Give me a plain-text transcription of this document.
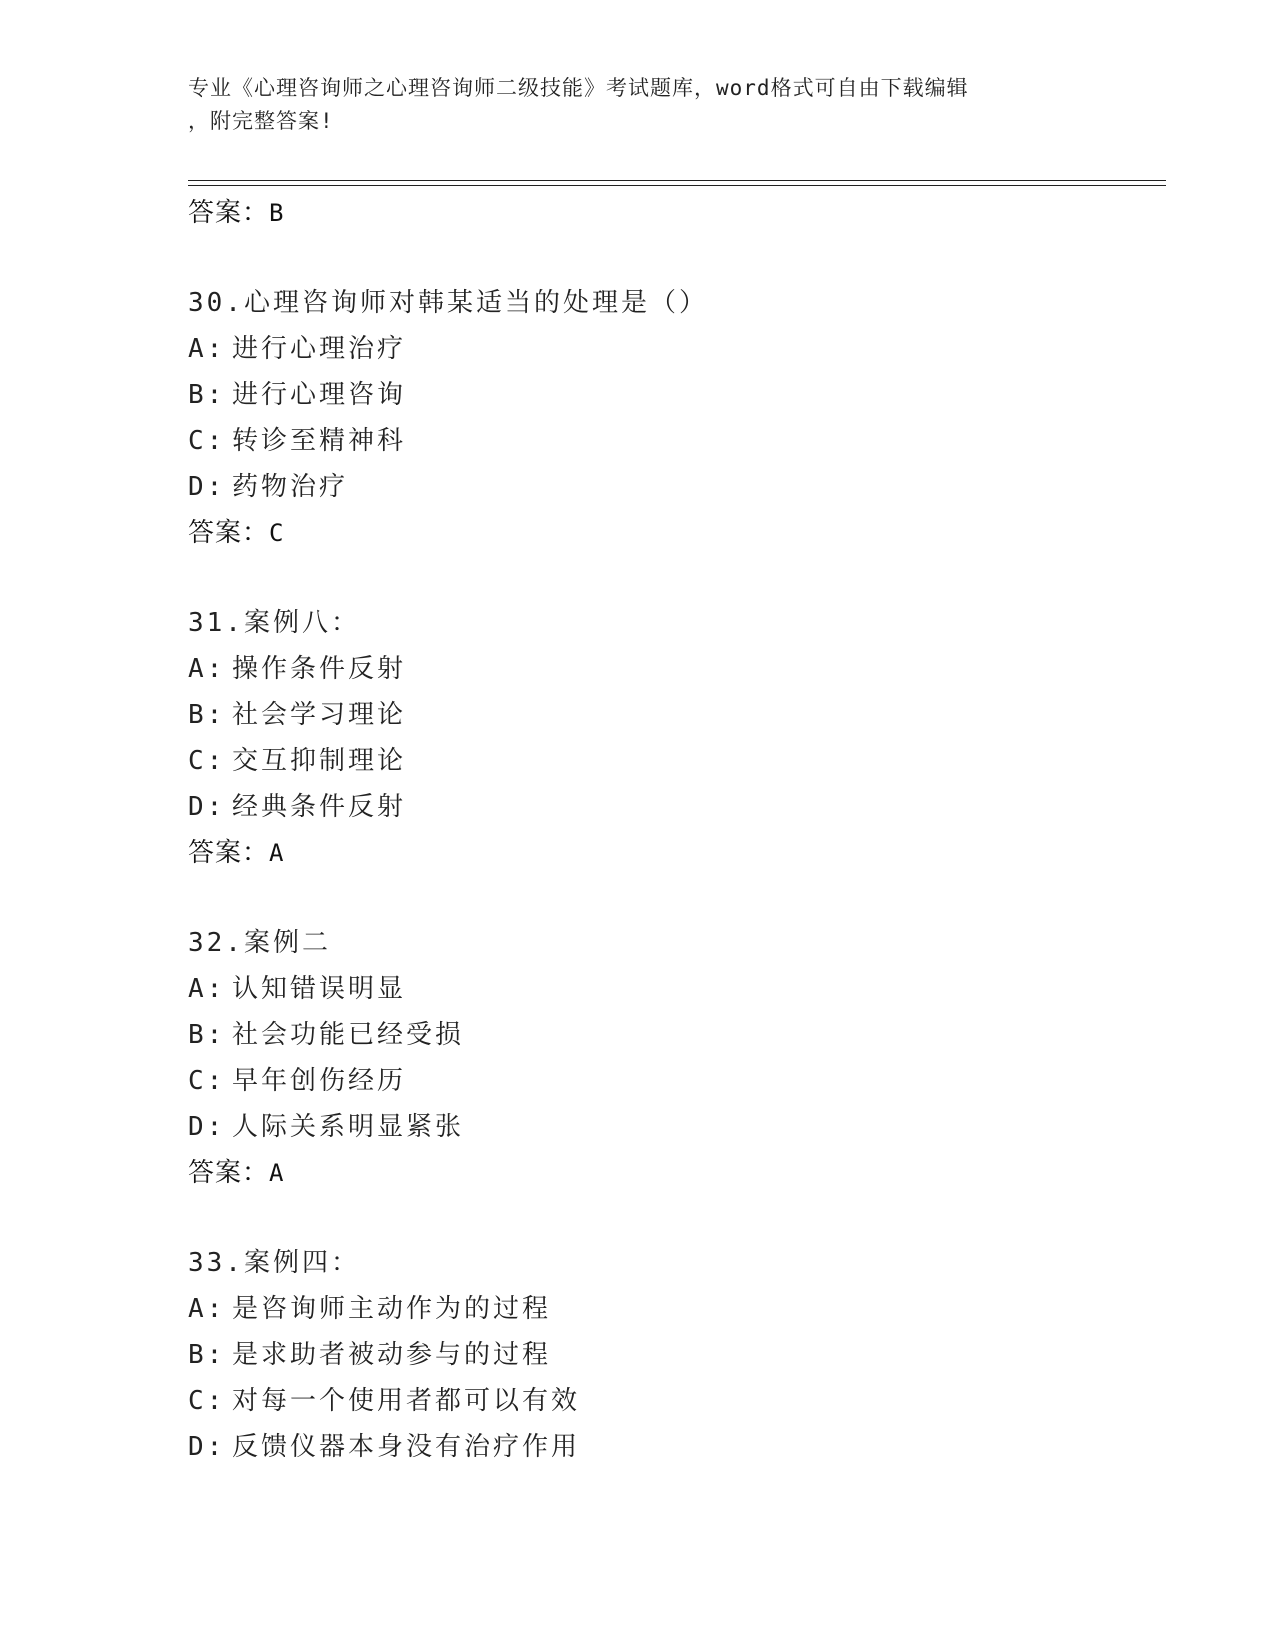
专业《心理咨询师之心理咨询师二级技能》考试题库，word格式可自由下载编辑
，附完整答案!
答案：B
30.心理咨询师对韩某适当的处理是（）
A: 进行心理治疗
B: 进行心理咨询
C: 转诊至精神科
D: 药物治疗
答案：C
31.案例八：
A: 操作条件反射
B: 社会学习理论
C: 交互抑制理论
D: 经典条件反射
答案：A
32.案例二
A: 认知错误明显
B: 社会功能已经受损
C: 早年创伤经历
D: 人际关系明显紧张
答案：A
33.案例四：
A: 是咨询师主动作为的过程
B: 是求助者被动参与的过程
C: 对每一个使用者都可以有效
D: 反馈仪器本身没有治疗作用
